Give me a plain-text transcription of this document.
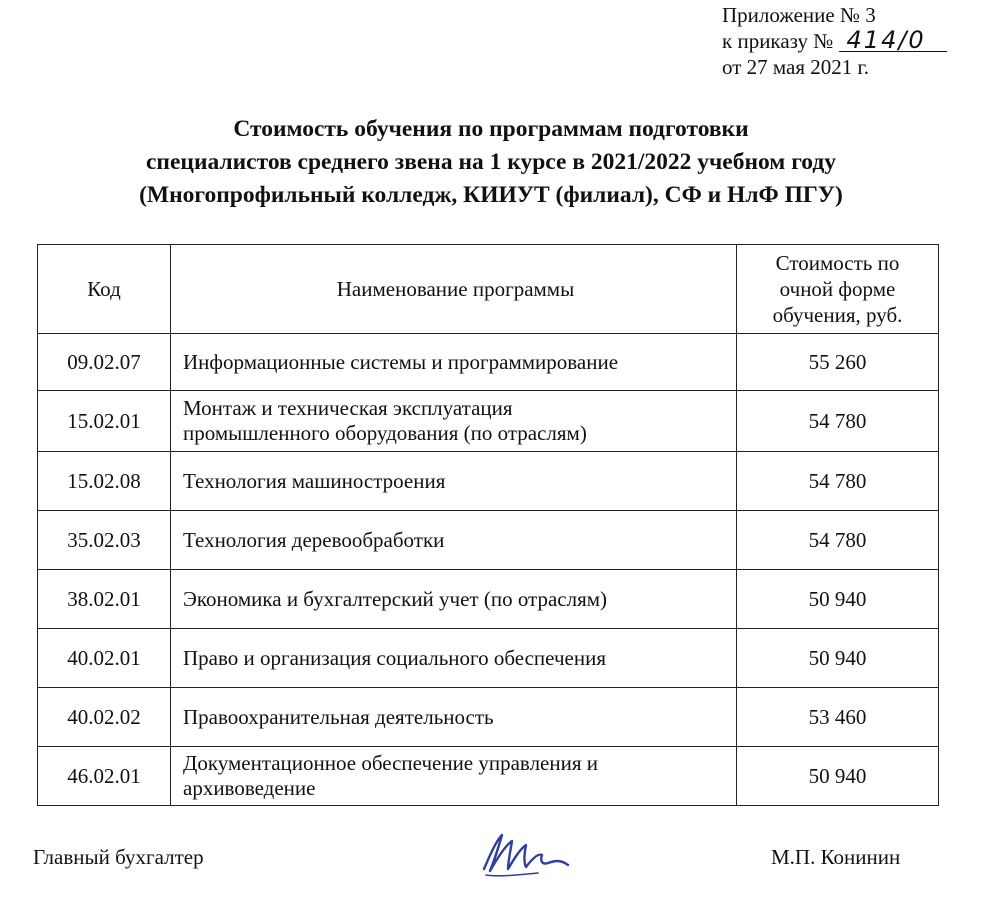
Приложение № 3
к приказу № 414/0
от 27 мая 2021 г.
Стоимость обучения по программам подготовки
специалистов среднего звена на 1 курсе в 2021/2022 учебном году
(Многопрофильный колледж, КИИУТ (филиал), СФ и НлФ ПГУ)
Код	Наименование программы	Стоимость по
очной форме
обучения, руб.

09.02.07	Информационные системы и программирование	55 260
15.02.01	Монтаж и техническая эксплуатация
промышленного оборудования (по отраслям)	54 780
15.02.08	Технология машиностроения	54 780
35.02.03	Технология деревообработки	54 780
38.02.01	Экономика и бухгалтерский учет (по отраслям)	50 940
40.02.01	Право и организация социального обеспечения	50 940
40.02.02	Правоохранительная деятельность	53 460
46.02.01	Документационное обеспечение управления и
архивоведение	50 940
Главный бухгалтер	М.П. Конинин
